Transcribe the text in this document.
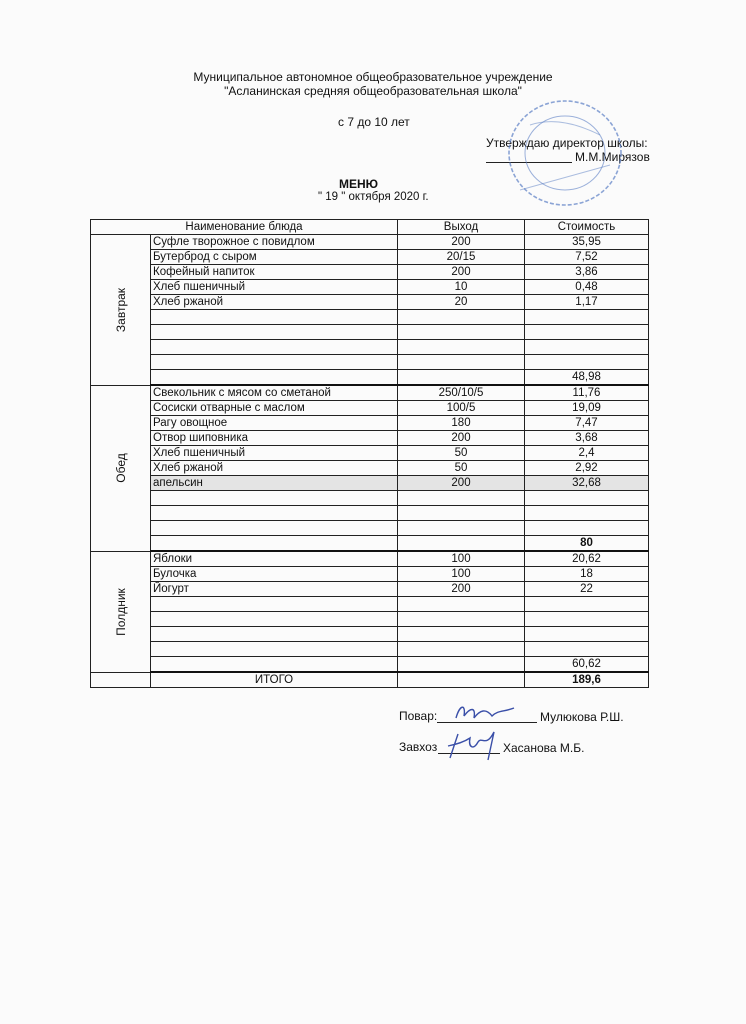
Муниципальное автономное общеобразовательное учреждение
"Асланинская средняя общеобразовательная школа"
с 7 до 10 лет
Утверждаю директор школы:
М.М.Мирязов
МЕНЮ
" 19 " октября 2020 г.
Наименование блюда		Выход	Стоимость

Завтрак	Суфле творожное с повидлом	200	35,95
	Бутерброд с сыром	20/15	7,52
	Кофейный напиток	200	3,86
	Хлеб пшеничный	10	0,48
	Хлеб ржаной	20	1,17

			48,98

Обед	Свекольник с мясом со сметаной	250/10/5	11,76
	Сосиски отварные с маслом	100/5	19,09
	Рагу овощное	180	7,47
	Отвор шиповника	200	3,68
	Хлеб пшеничный	50	2,4
	Хлеб ржаной	50	2,92
	апельсин	200	32,68

			80

Полдник	Яблоки	100	20,62
	Булочка	100	18
	Йогурт	200	22

			60,62
	ИТОГО		189,6
Повар:	Мулюкова Р.Ш.
Завхоз	Хасанова М.Б.
